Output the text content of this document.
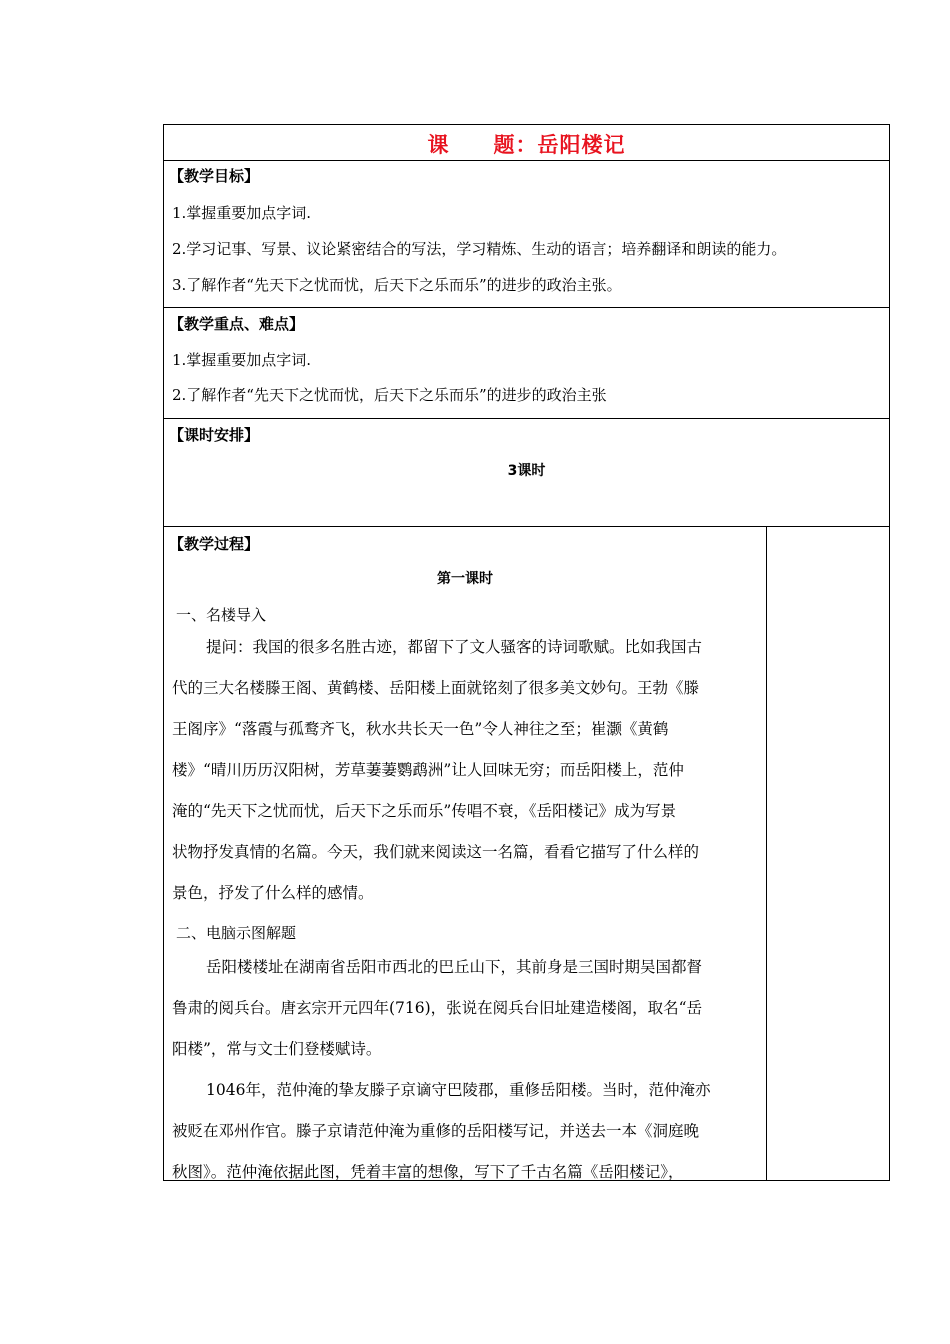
课　　题：岳阳楼记
【教学目标】
1.掌握重要加点字词.
2.学习记事、写景、议论紧密结合的写法，学习精炼、生动的语言；培养翻译和朗读的能力。
3.了解作者“先天下之忧而忧，后天下之乐而乐”的进步的政治主张。
【教学重点、难点】
1.掌握重要加点字词.
2.了解作者“先天下之忧而忧，后天下之乐而乐”的进步的政治主张
【课时安排】
3课时
【教学过程】
第一课时
一、名楼导入
提问：我国的很多名胜古迹，都留下了文人骚客的诗词歌赋。比如我国古
代的三大名楼滕王阁、黄鹤楼、岳阳楼上面就铭刻了很多美文妙句。王勃《滕
王阁序》“落霞与孤鹜齐飞，秋水共长天一色”令人神往之至；崔灏《黄鹤
楼》“晴川历历汉阳树，芳草萋萋鹦鹉洲”让人回味无穷；而岳阳楼上，范仲
淹的“先天下之忧而忧，后天下之乐而乐”传唱不衰，《岳阳楼记》成为写景
状物抒发真情的名篇。今天，我们就来阅读这一名篇，看看它描写了什么样的
景色，抒发了什么样的感情。
二、电脑示图解题
岳阳楼楼址在湖南省岳阳市西北的巴丘山下，其前身是三国时期吴国都督
鲁肃的阅兵台。唐玄宗开元四年(716)，张说在阅兵台旧址建造楼阁，取名“岳
阳楼”，常与文士们登楼赋诗。
1046年，范仲淹的挚友滕子京谪守巴陵郡，重修岳阳楼。当时，范仲淹亦
被贬在邓州作官。滕子京请范仲淹为重修的岳阳楼写记，并送去一本《洞庭晚
秋图》。范仲淹依据此图，凭着丰富的想像，写下了千古名篇《岳阳楼记》，
